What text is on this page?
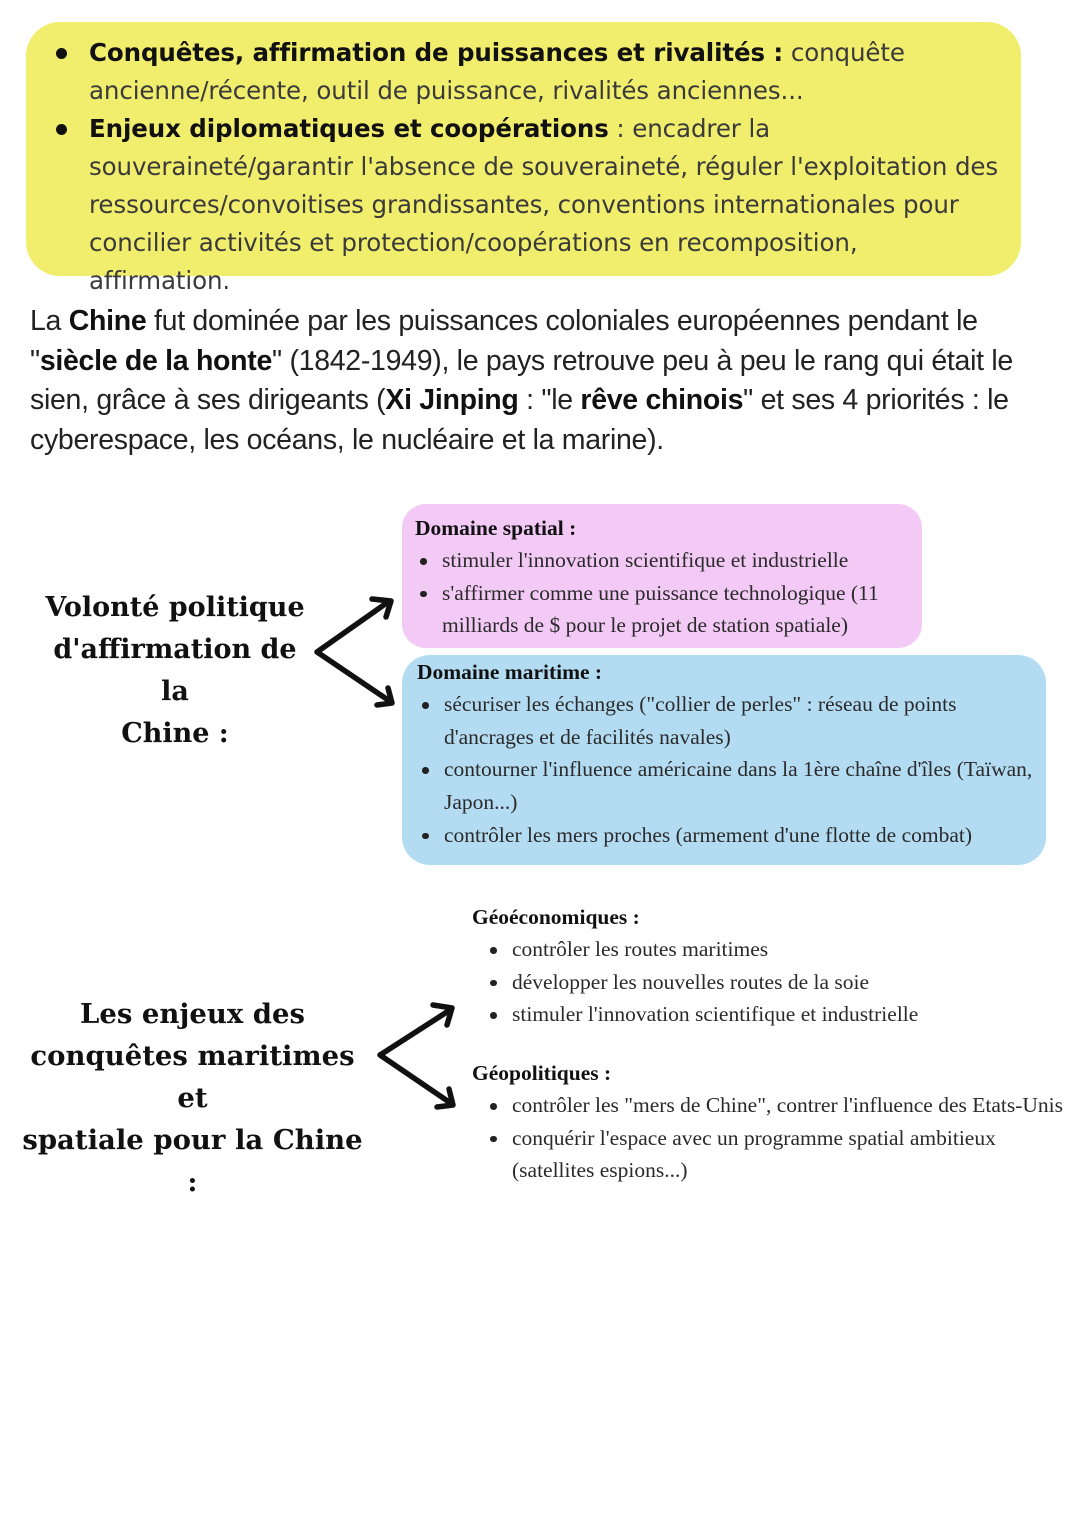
Conquêtes, affirmation de puissances et rivalités : conquête ancienne/récente, outil de puissance, rivalités anciennes...
Enjeux diplomatiques et coopérations : encadrer la souveraineté/garantir l'absence de souveraineté, réguler l'exploitation des ressources/convoitises grandissantes, conventions internationales pour concilier activités et protection/coopérations en recomposition, affirmation.

La Chine fut dominée par les puissances coloniales européennes pendant le "siècle de la honte" (1842-1949), le pays retrouve peu à peu le rang qui était le sien, grâce à ses dirigeants (Xi Jinping : "le rêve chinois" et ses 4 priorités : le cyberespace, les océans, le nucléaire et la marine).

Volonté politique
d'affirmation de la
Chine :

Domaine spatial :

stimuler l'innovation scientifique et industrielle
s'affirmer comme une puissance technologique (11 milliards de $ pour le projet de station spatiale)

Domaine maritime :

sécuriser les échanges ("collier de perles" : réseau de points d'ancrages et de facilités navales)
contourner l'influence américaine dans la 1ère chaîne d'îles (Taïwan, Japon...)
contrôler les mers proches (armement d'une flotte de combat)
Les enjeux des
conquêtes maritimes et
spatiale pour la Chine :

Géoéconomiques :

contrôler les routes maritimes
développer les nouvelles routes de la soie
stimuler l'innovation scientifique et industrielle

Géopolitiques :

contrôler les "mers de Chine", contrer l'influence des Etats-Unis
conquérir l'espace avec un programme spatial ambitieux (satellites espions...)
